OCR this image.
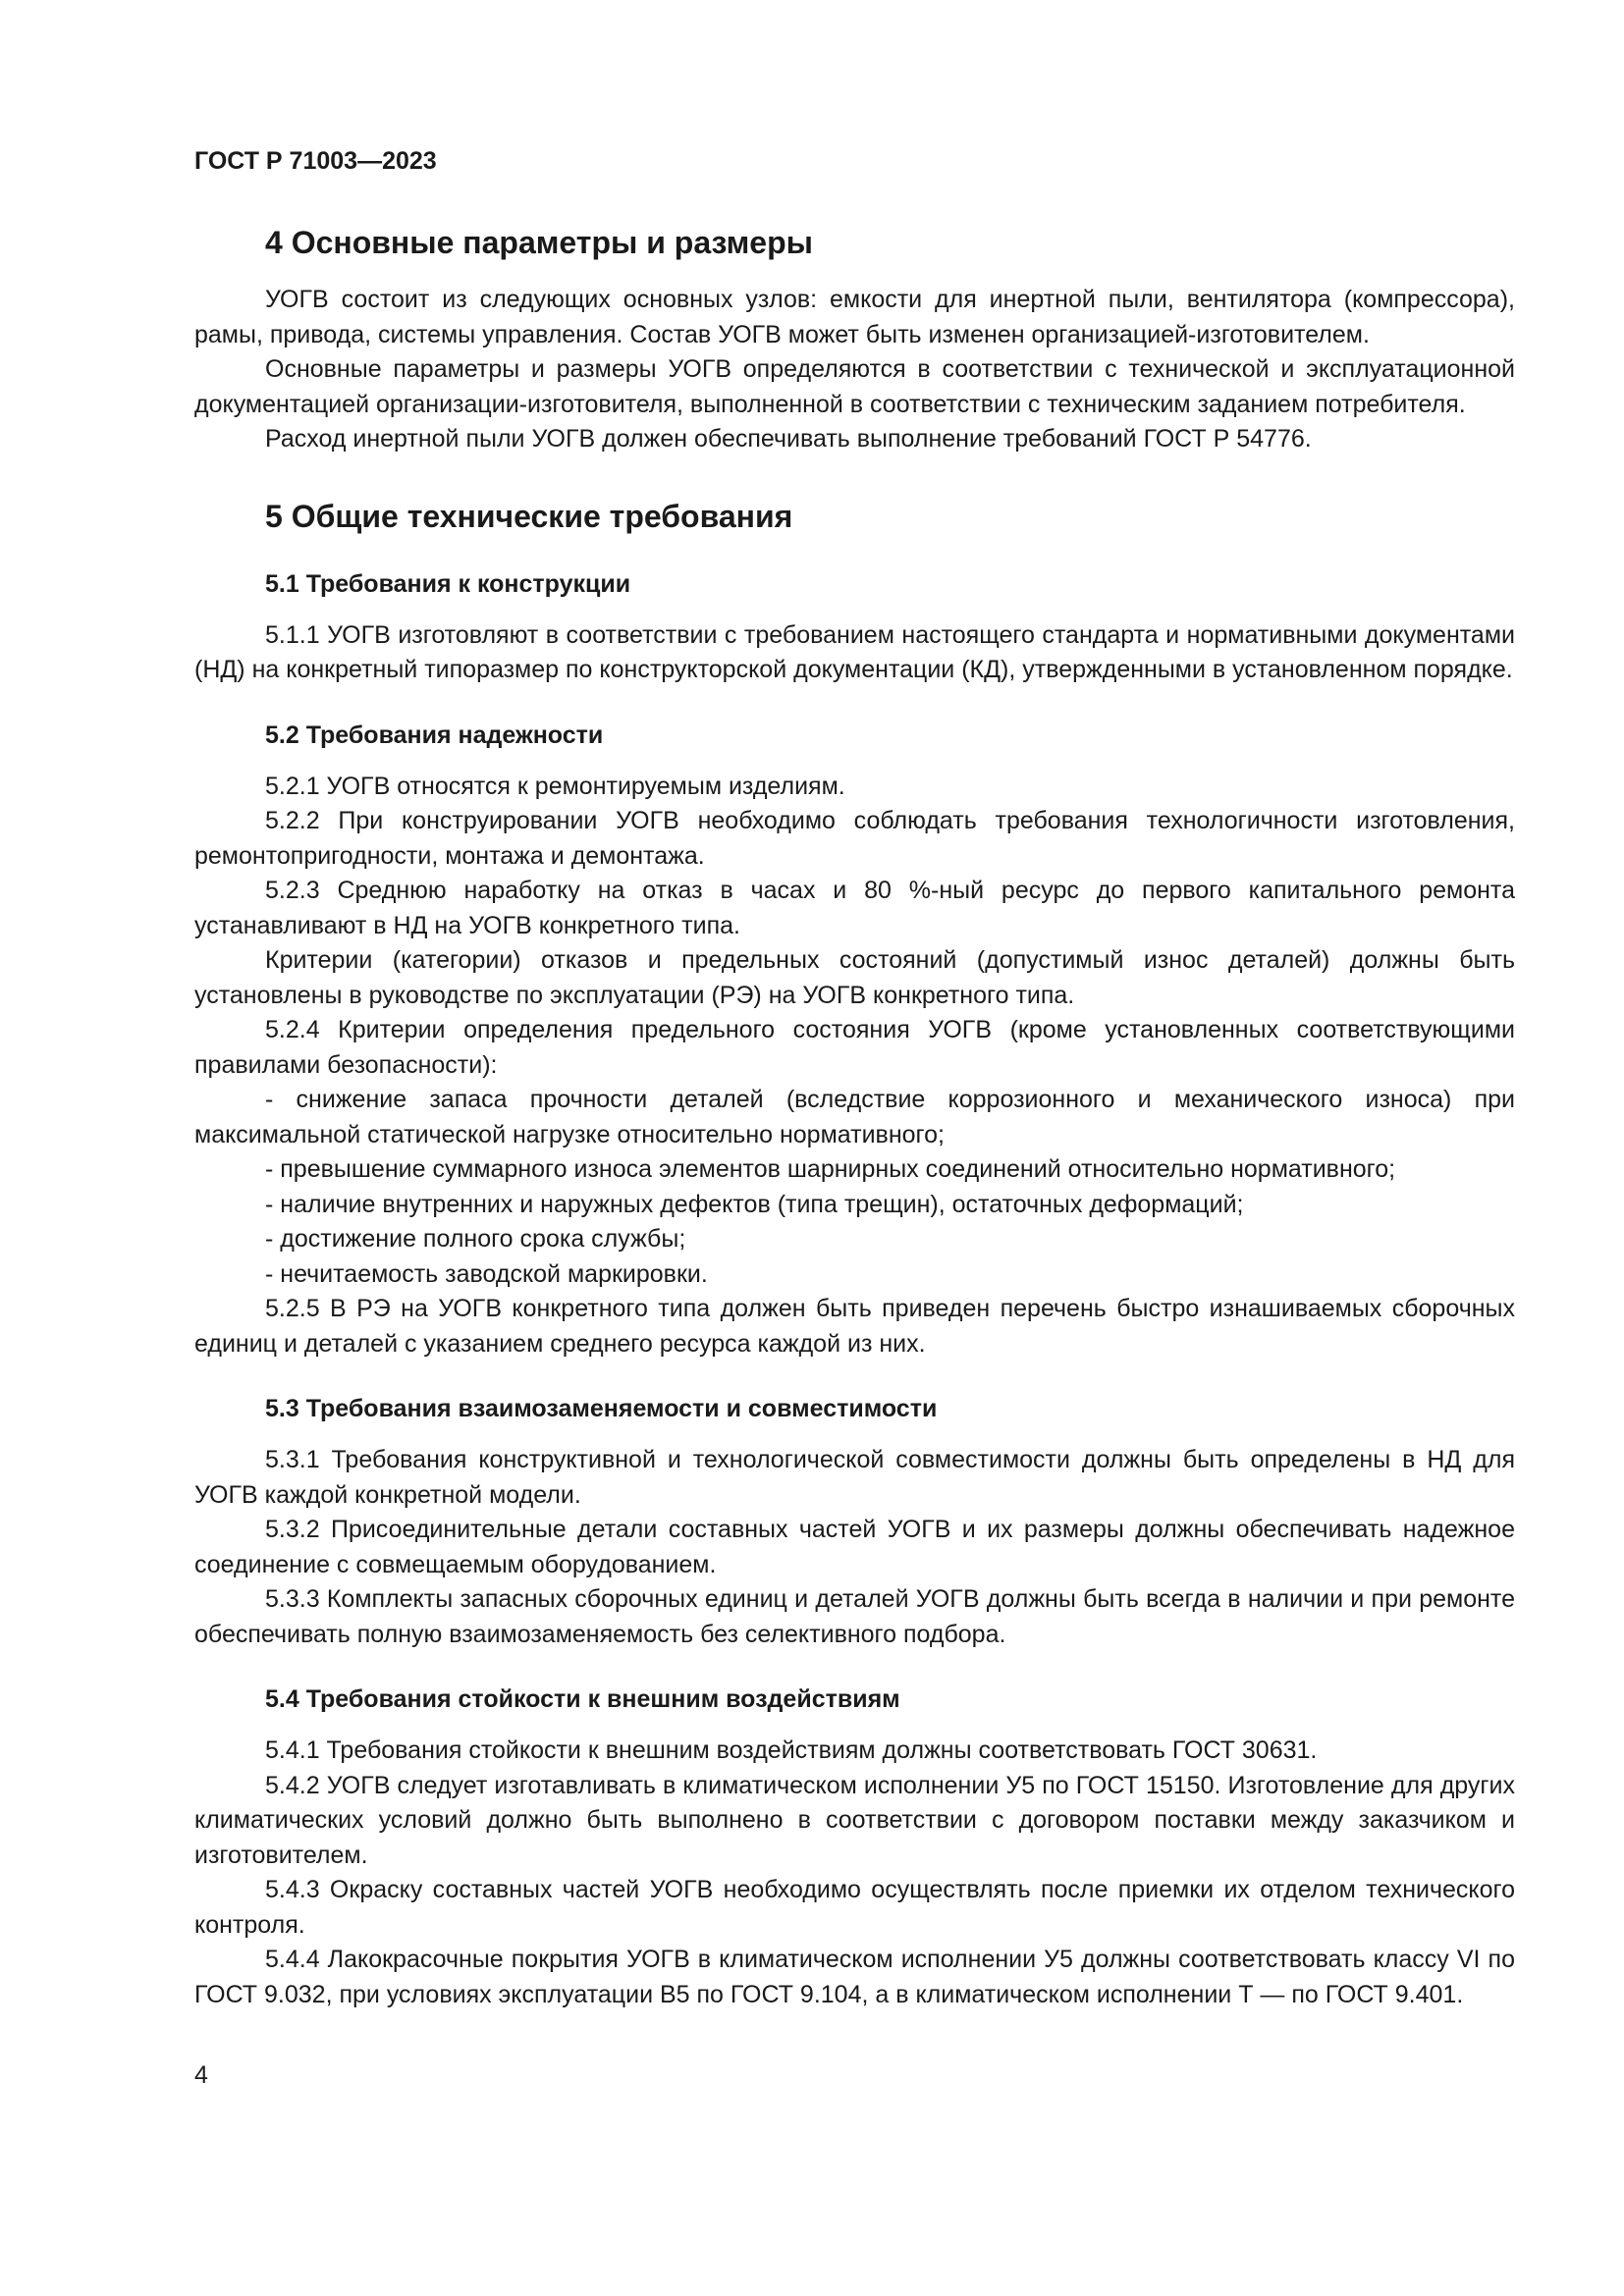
ГОСТ Р 71003—2023
4 Основные параметры и размеры

УОГВ состоит из следующих основных узлов: емкости для инертной пыли, вентилятора (компрессора), рамы, привода, системы управления. Состав УОГВ может быть изменен организацией-изготовителем.

Основные параметры и размеры УОГВ определяются в соответствии с технической и эксплуатационной документацией организации-изготовителя, выполненной в соответствии с техническим заданием потребителя.

Расход инертной пыли УОГВ должен обеспечивать выполнение требований ГОСТ Р 54776.

5 Общие технические требования
5.1 Требования к конструкции

5.1.1 УОГВ изготовляют в соответствии с требованием настоящего стандарта и нормативными документами (НД) на конкретный типоразмер по конструкторской документации (КД), утвержденными в установленном порядке.

5.2 Требования надежности

5.2.1 УОГВ относятся к ремонтируемым изделиям.

5.2.2 При конструировании УОГВ необходимо соблюдать требования технологичности изготовления, ремонтопригодности, монтажа и демонтажа.

5.2.3 Среднюю наработку на отказ в часах и 80 %-ный ресурс до первого капитального ремонта устанавливают в НД на УОГВ конкретного типа.

Критерии (категории) отказов и предельных состояний (допустимый износ деталей) должны быть установлены в руководстве по эксплуатации (РЭ) на УОГВ конкретного типа.

5.2.4 Критерии определения предельного состояния УОГВ (кроме установленных соответствующими правилами безопасности):

- снижение запаса прочности деталей (вследствие коррозионного и механического износа) при максимальной статической нагрузке относительно нормативного;

- превышение суммарного износа элементов шарнирных соединений относительно нормативного;

- наличие внутренних и наружных дефектов (типа трещин), остаточных деформаций;

- достижение полного срока службы;

- нечитаемость заводской маркировки.

5.2.5 В РЭ на УОГВ конкретного типа должен быть приведен перечень быстро изнашиваемых сборочных единиц и деталей с указанием среднего ресурса каждой из них.

5.3 Требования взаимозаменяемости и совместимости

5.3.1 Требования конструктивной и технологической совместимости должны быть определены в НД для УОГВ каждой конкретной модели.

5.3.2 Присоединительные детали составных частей УОГВ и их размеры должны обеспечивать надежное соединение с совмещаемым оборудованием.

5.3.3 Комплекты запасных сборочных единиц и деталей УОГВ должны быть всегда в наличии и при ремонте обеспечивать полную взаимозаменяемость без селективного подбора.

5.4 Требования стойкости к внешним воздействиям

5.4.1 Требования стойкости к внешним воздействиям должны соответствовать ГОСТ 30631.

5.4.2 УОГВ следует изготавливать в климатическом исполнении У5 по ГОСТ 15150. Изготовление для других климатических условий должно быть выполнено в соответствии с договором поставки между заказчиком и изготовителем.

5.4.3 Окраску составных частей УОГВ необходимо осуществлять после приемки их отделом технического контроля.

5.4.4 Лакокрасочные покрытия УОГВ в климатическом исполнении У5 должны соответствовать классу VI по ГОСТ 9.032, при условиях эксплуатации В5 по ГОСТ 9.104, а в климатическом исполнении Т — по ГОСТ 9.401.

4
